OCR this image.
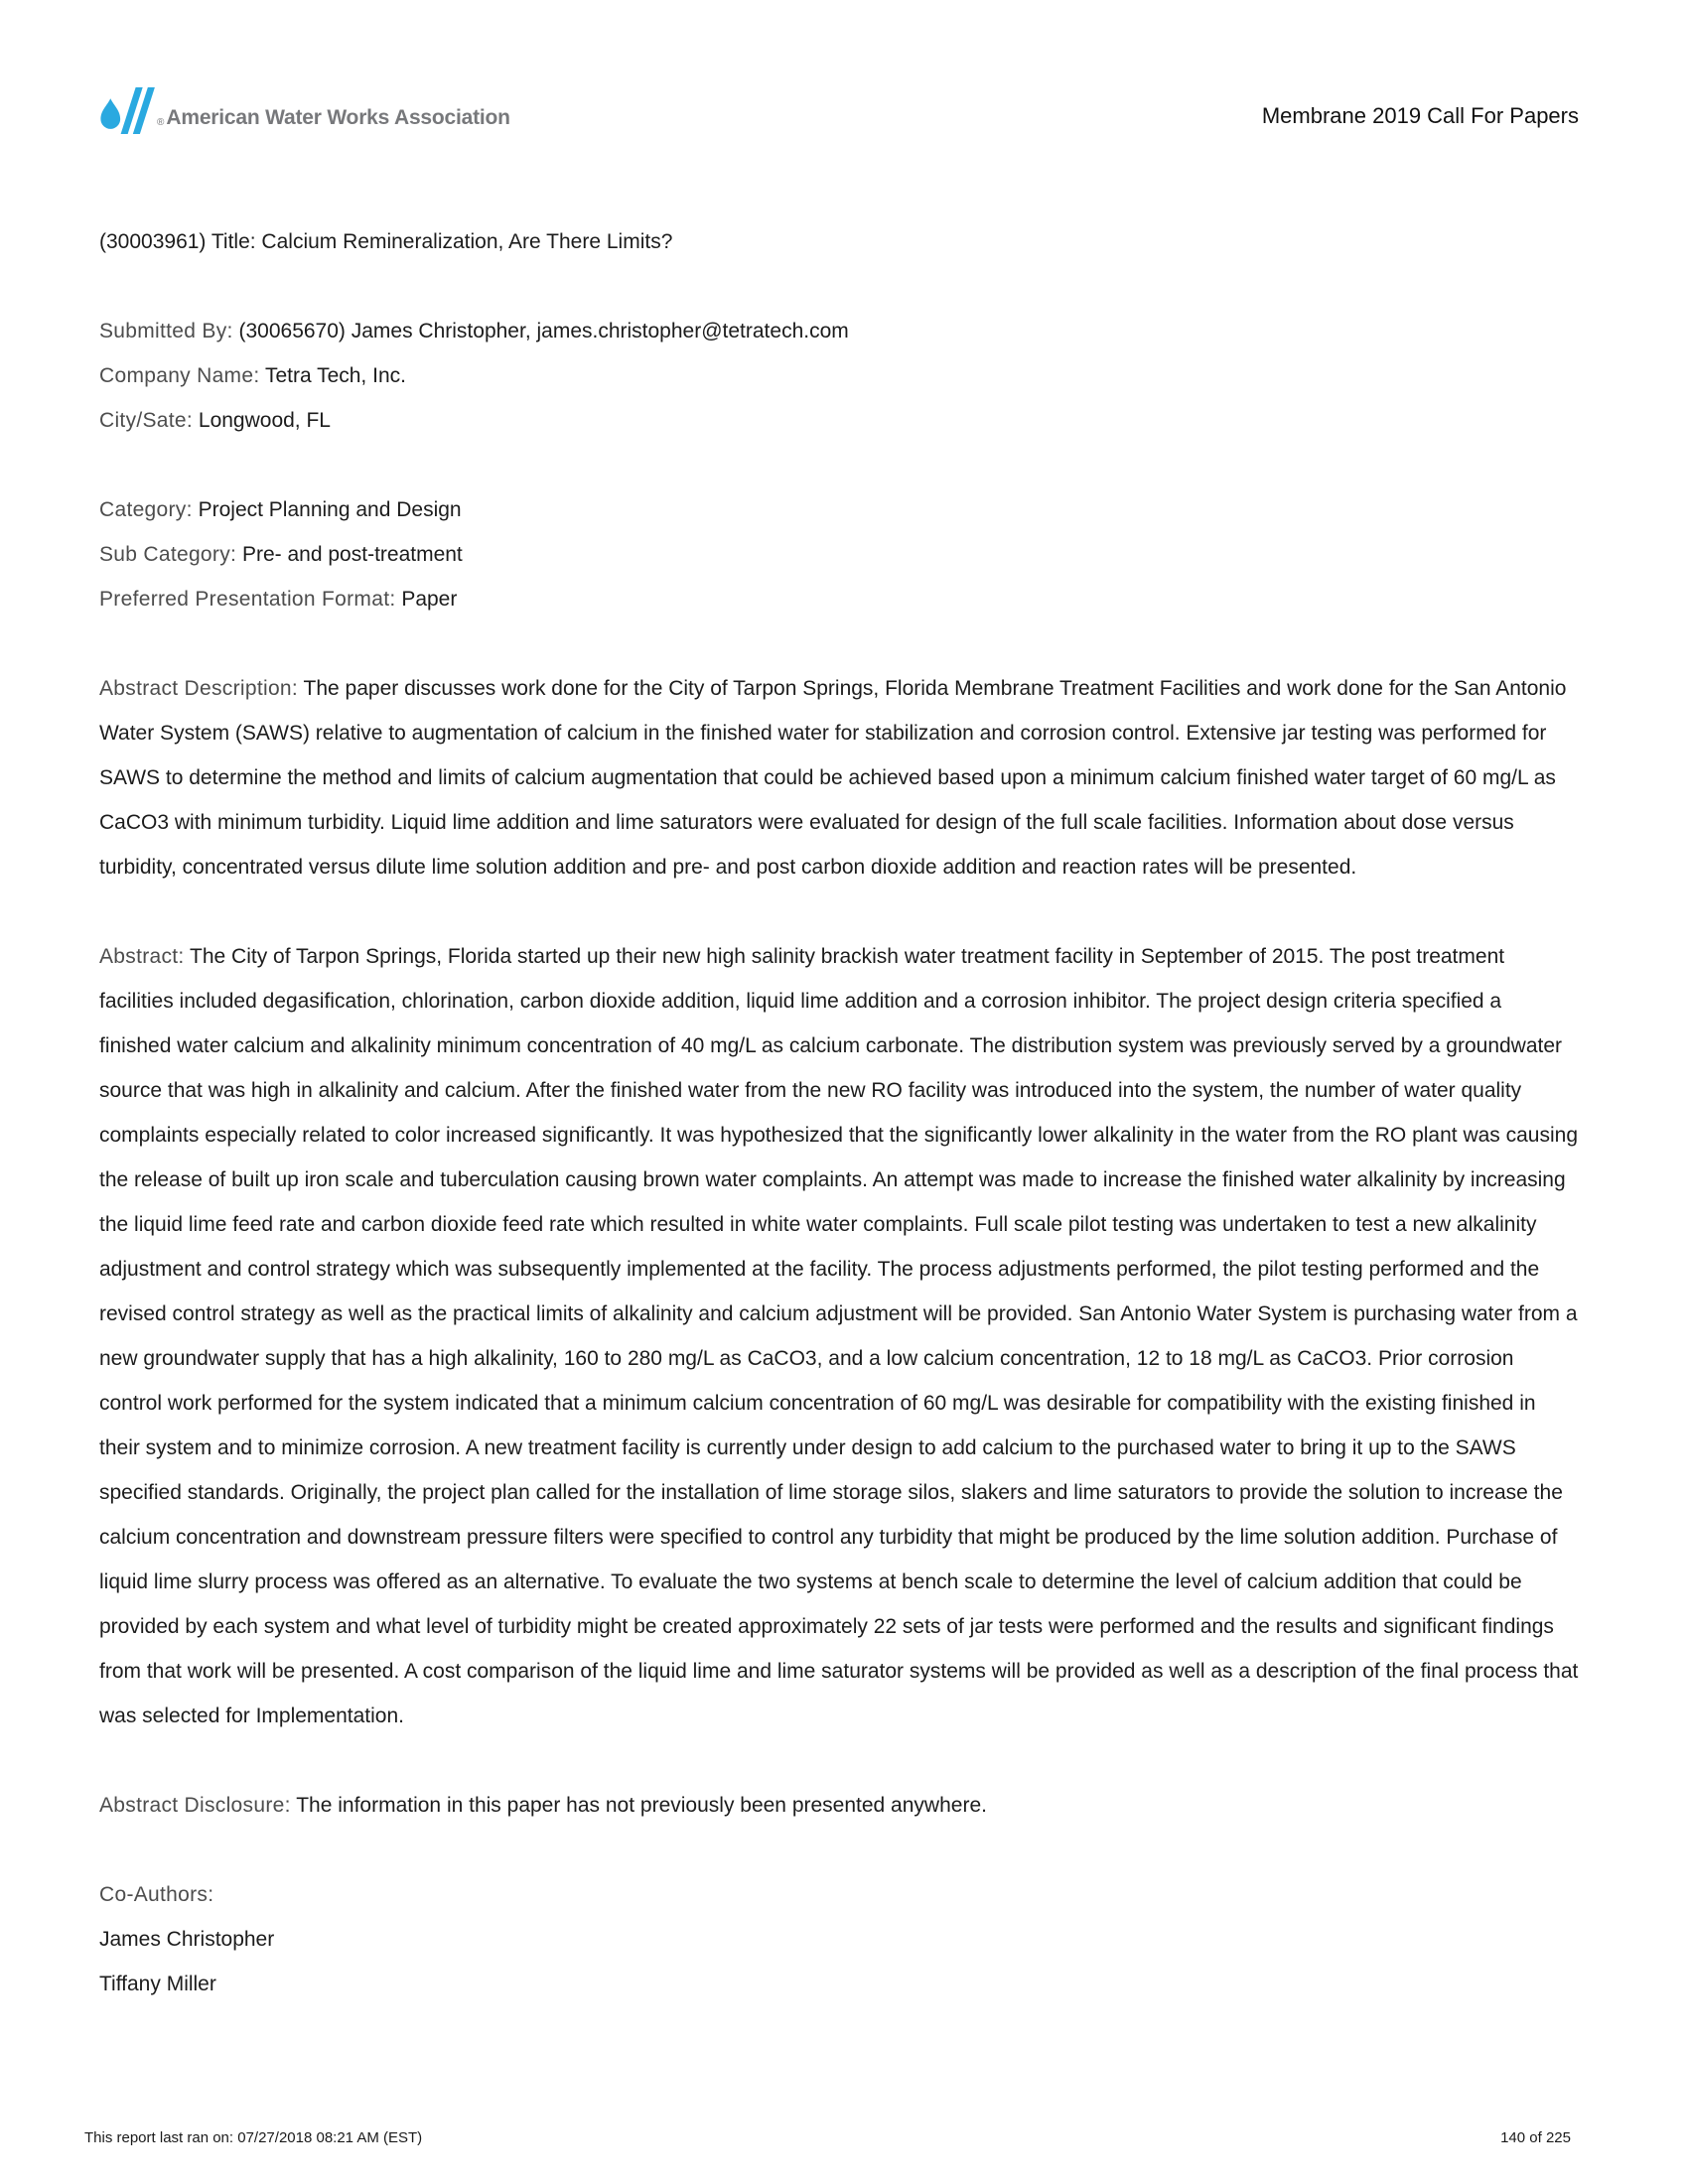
® American Water Works Association	Membrane 2019 Call For Papers

(30003961) Title: Calcium Remineralization, Are There Limits?

Submitted By: (30065670) James Christopher, james.christopher@tetratech.com

Company Name: Tetra Tech, Inc.

City/Sate: Longwood, FL

Category: Project Planning and Design

Sub Category: Pre- and post-treatment

Preferred Presentation Format: Paper

Abstract Description: The paper discusses work done for the City of Tarpon Springs, Florida Membrane Treatment Facilities and work done for the San Antonio Water System (SAWS) relative to augmentation of calcium in the finished water for stabilization and corrosion control. Extensive jar testing was performed for SAWS to determine the method and limits of calcium augmentation that could be achieved based upon a minimum calcium finished water target of 60 mg/L as CaCO3 with minimum turbidity. Liquid lime addition and lime saturators were evaluated for design of the full scale facilities. Information about dose versus turbidity, concentrated versus dilute lime solution addition and pre- and post carbon dioxide addition and reaction rates will be presented.

Abstract: The City of Tarpon Springs, Florida started up their new high salinity brackish water treatment facility in September of 2015. The post treatment facilities included degasification, chlorination, carbon dioxide addition, liquid lime addition and a corrosion inhibitor. The project design criteria specified a finished water calcium and alkalinity minimum concentration of 40 mg/L as calcium carbonate. The distribution system was previously served by a groundwater source that was high in alkalinity and calcium. After the finished water from the new RO facility was introduced into the system, the number of water quality complaints especially related to color increased significantly. It was hypothesized that the significantly lower alkalinity in the water from the RO plant was causing the release of built up iron scale and tuberculation causing brown water complaints. An attempt was made to increase the finished water alkalinity by increasing the liquid lime feed rate and carbon dioxide feed rate which resulted in white water complaints. Full scale pilot testing was undertaken to test a new alkalinity adjustment and control strategy which was subsequently implemented at the facility. The process adjustments performed, the pilot testing performed and the revised control strategy as well as the practical limits of alkalinity and calcium adjustment will be provided. San Antonio Water System is purchasing water from a new groundwater supply that has a high alkalinity, 160 to 280 mg/L as CaCO3, and a low calcium concentration, 12 to 18 mg/L as CaCO3. Prior corrosion control work performed for the system indicated that a minimum calcium concentration of 60 mg/L was desirable for compatibility with the existing finished in their system and to minimize corrosion. A new treatment facility is currently under design to add calcium to the purchased water to bring it up to the SAWS specified standards. Originally, the project plan called for the installation of lime storage silos, slakers and lime saturators to provide the solution to increase the calcium concentration and downstream pressure filters were specified to control any turbidity that might be produced by the lime solution addition. Purchase of liquid lime slurry process was offered as an alternative. To evaluate the two systems at bench scale to determine the level of calcium addition that could be provided by each system and what level of turbidity might be created approximately 22 sets of jar tests were performed and the results and significant findings from that work will be presented. A cost comparison of the liquid lime and lime saturator systems will be provided as well as a description of the final process that was selected for Implementation.

Abstract Disclosure: The information in this paper has not previously been presented anywhere.

Co-Authors:

James Christopher

Tiffany Miller

This report last ran on: 07/27/2018 08:21 AM (EST)	140 of 225
